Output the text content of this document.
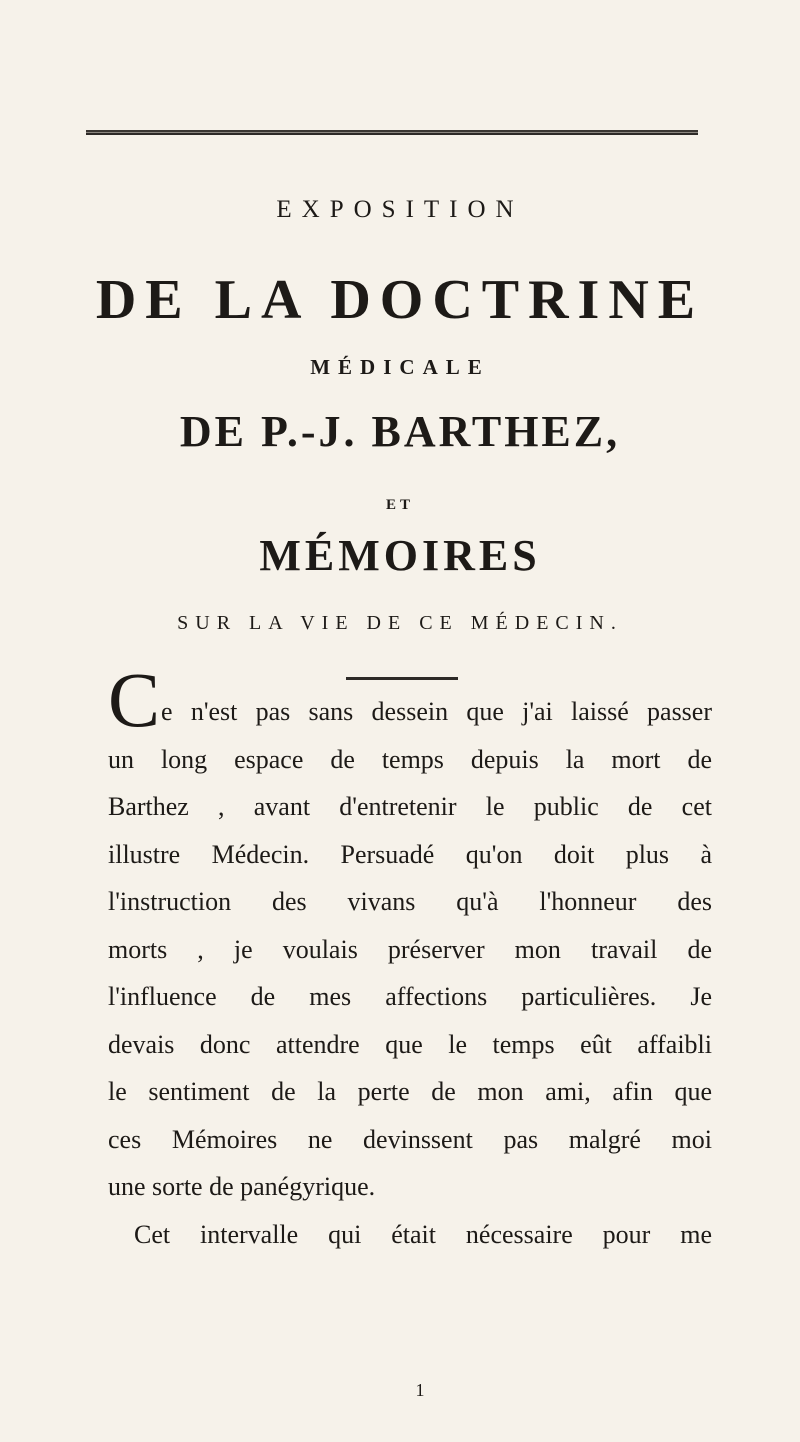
EXPOSITION
DE LA DOCTRINE
MÉDICALE
DE P.-J. BARTHEZ,
ET
MÉMOIRES
SUR LA VIE DE CE MÉDECIN.
Ce n'est pas sans dessein que j'ai laissé passer
un long espace de temps depuis la mort de
Barthez , avant d'entretenir le public de cet
illustre Médecin. Persuadé qu'on doit plus à
l'instruction des vivans qu'à l'honneur des
morts , je voulais préserver mon travail de
l'influence de mes affections particulières. Je
devais donc attendre que le temps eût affaibli
le sentiment de la perte de mon ami, afin que
ces Mémoires ne devinssent pas malgré moi
une sorte de panégyrique.
Cet intervalle qui était nécessaire pour me
1
